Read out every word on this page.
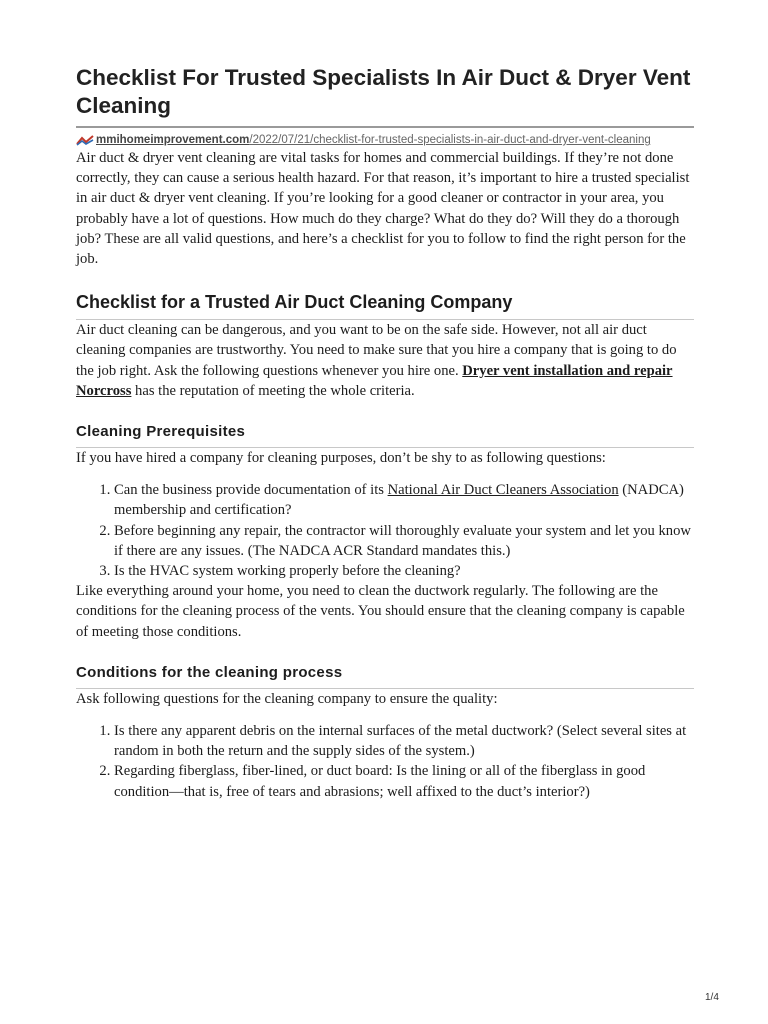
Checklist For Trusted Specialists In Air Duct & Dryer Vent Cleaning
mmihomeimprovement.com /2022/07/21/checklist-for-trusted-specialists-in-air-duct-and-dryer-vent-cleaning

Air duct & dryer vent cleaning are vital tasks for homes and commercial buildings. If they’re not done correctly, they can cause a serious health hazard. For that reason, it’s important to hire a trusted specialist in air duct & dryer vent cleaning. If you’re looking for a good cleaner or contractor in your area, you probably have a lot of questions. How much do they charge? What do they do? Will they do a thorough job? These are all valid questions, and here’s a checklist for you to follow to find the right person for the job.

Checklist for a Trusted Air Duct Cleaning Company

Air duct cleaning can be dangerous, and you want to be on the safe side. However, not all air duct cleaning companies are trustworthy. You need to make sure that you hire a company that is going to do the job right. Ask the following questions whenever you hire one. Dryer vent installation and repair Norcross has the reputation of meeting the whole criteria.

Cleaning Prerequisites

If you have hired a company for cleaning purposes, don’t be shy to as following questions:

1. Can the business provide documentation of its National Air Duct Cleaners Association (NADCA) membership and certification?
2. Before beginning any repair, the contractor will thoroughly evaluate your system and let you know if there are any issues. (The NADCA ACR Standard mandates this.)
3. Is the HVAC system working properly before the cleaning?

Like everything around your home, you need to clean the ductwork regularly. The following are the conditions for the cleaning process of the vents. You should ensure that the cleaning company is capable of meeting those conditions.

Conditions for the cleaning process

Ask following questions for the cleaning company to ensure the quality:

1. Is there any apparent debris on the internal surfaces of the metal ductwork? (Select several sites at random in both the return and the supply sides of the system.)
2. Regarding fiberglass, fiber-lined, or duct board: Is the lining or all of the fiberglass in good condition—that is, free of tears and abrasions; well affixed to the duct’s interior?)
1/4
